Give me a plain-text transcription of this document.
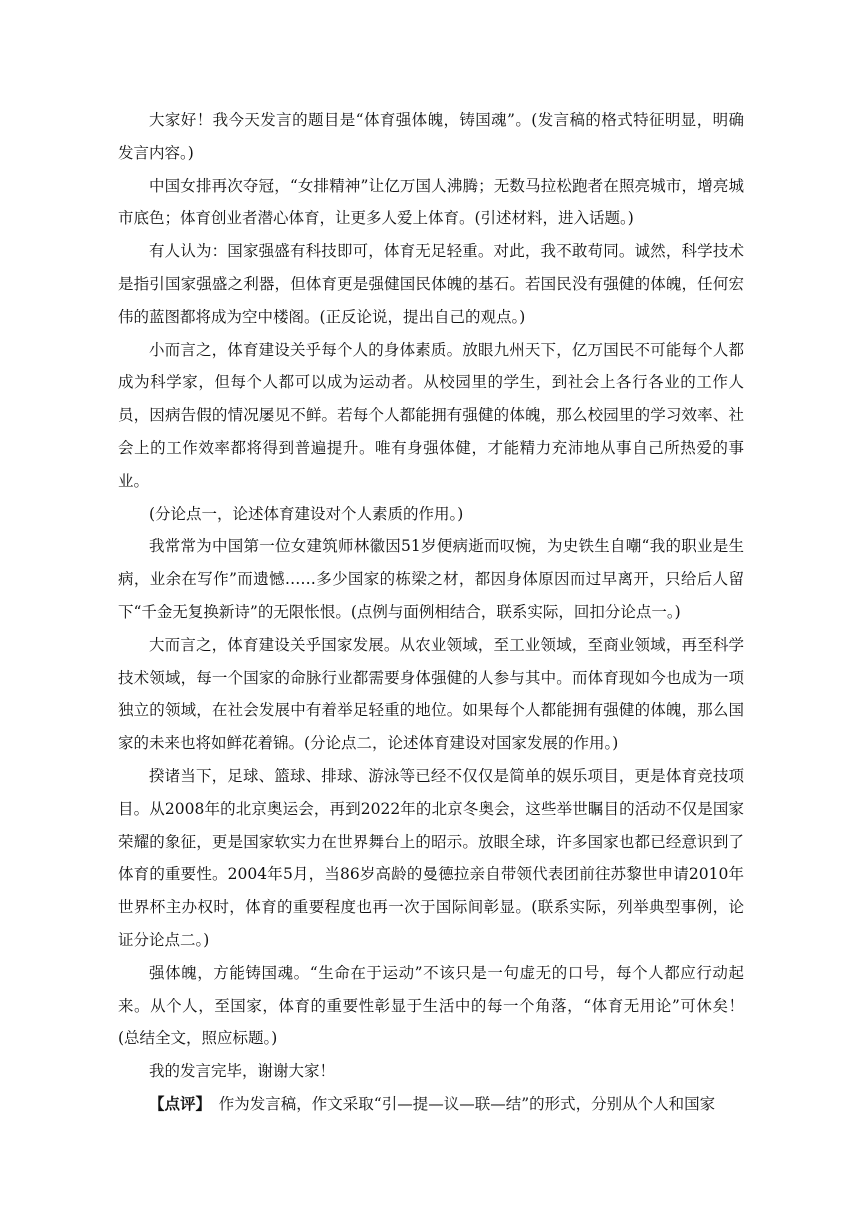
大家好！我今天发言的题目是“体育强体魄，铸国魂”。(发言稿的格式特征明显，明确发言内容。)

中国女排再次夺冠，“女排精神”让亿万国人沸腾；无数马拉松跑者在照亮城市，增亮城市底色；体育创业者潜心体育，让更多人爱上体育。(引述材料，进入话题。)

有人认为：国家强盛有科技即可，体育无足轻重。对此，我不敢苟同。诚然，科学技术是指引国家强盛之利器，但体育更是强健国民体魄的基石。若国民没有强健的体魄，任何宏伟的蓝图都将成为空中楼阁。(正反论说，提出自己的观点。)

小而言之，体育建设关乎每个人的身体素质。放眼九州天下，亿万国民不可能每个人都成为科学家，但每个人都可以成为运动者。从校园里的学生，到社会上各行各业的工作人员，因病告假的情况屡见不鲜。若每个人都能拥有强健的体魄，那么校园里的学习效率、社会上的工作效率都将得到普遍提升。唯有身强体健，才能精力充沛地从事自己所热爱的事业。

(分论点一，论述体育建设对个人素质的作用。)

我常常为中国第一位女建筑师林徽因51岁便病逝而叹惋，为史铁生自嘲“我的职业是生病，业余在写作”而遗憾……多少国家的栋梁之材，都因身体原因而过早离开，只给后人留下“千金无复换新诗”的无限怅恨。(点例与面例相结合，联系实际，回扣分论点一。)

大而言之，体育建设关乎国家发展。从农业领域，至工业领域，至商业领域，再至科学技术领域，每一个国家的命脉行业都需要身体强健的人参与其中。而体育现如今也成为一项独立的领域，在社会发展中有着举足轻重的地位。如果每个人都能拥有强健的体魄，那么国家的未来也将如鲜花着锦。(分论点二，论述体育建设对国家发展的作用。)

揆诸当下，足球、篮球、排球、游泳等已经不仅仅是简单的娱乐项目，更是体育竞技项目。从2008年的北京奥运会，再到2022年的北京冬奥会，这些举世瞩目的活动不仅是国家荣耀的象征，更是国家软实力在世界舞台上的昭示。放眼全球，许多国家也都已经意识到了体育的重要性。2004年5月，当86岁高龄的曼德拉亲自带领代表团前往苏黎世申请2010年世界杯主办权时，体育的重要程度也再一次于国际间彰显。(联系实际，列举典型事例，论证分论点二。)

强体魄，方能铸国魂。“生命在于运动”不该只是一句虚无的口号，每个人都应行动起来。从个人，至国家，体育的重要性彰显于生活中的每一个角落，“体育无用论”可休矣！(总结全文，照应标题。)

我的发言完毕，谢谢大家！

【点评】　作为发言稿，作文采取“引—提—议—联—结”的形式，分别从个人和国家
